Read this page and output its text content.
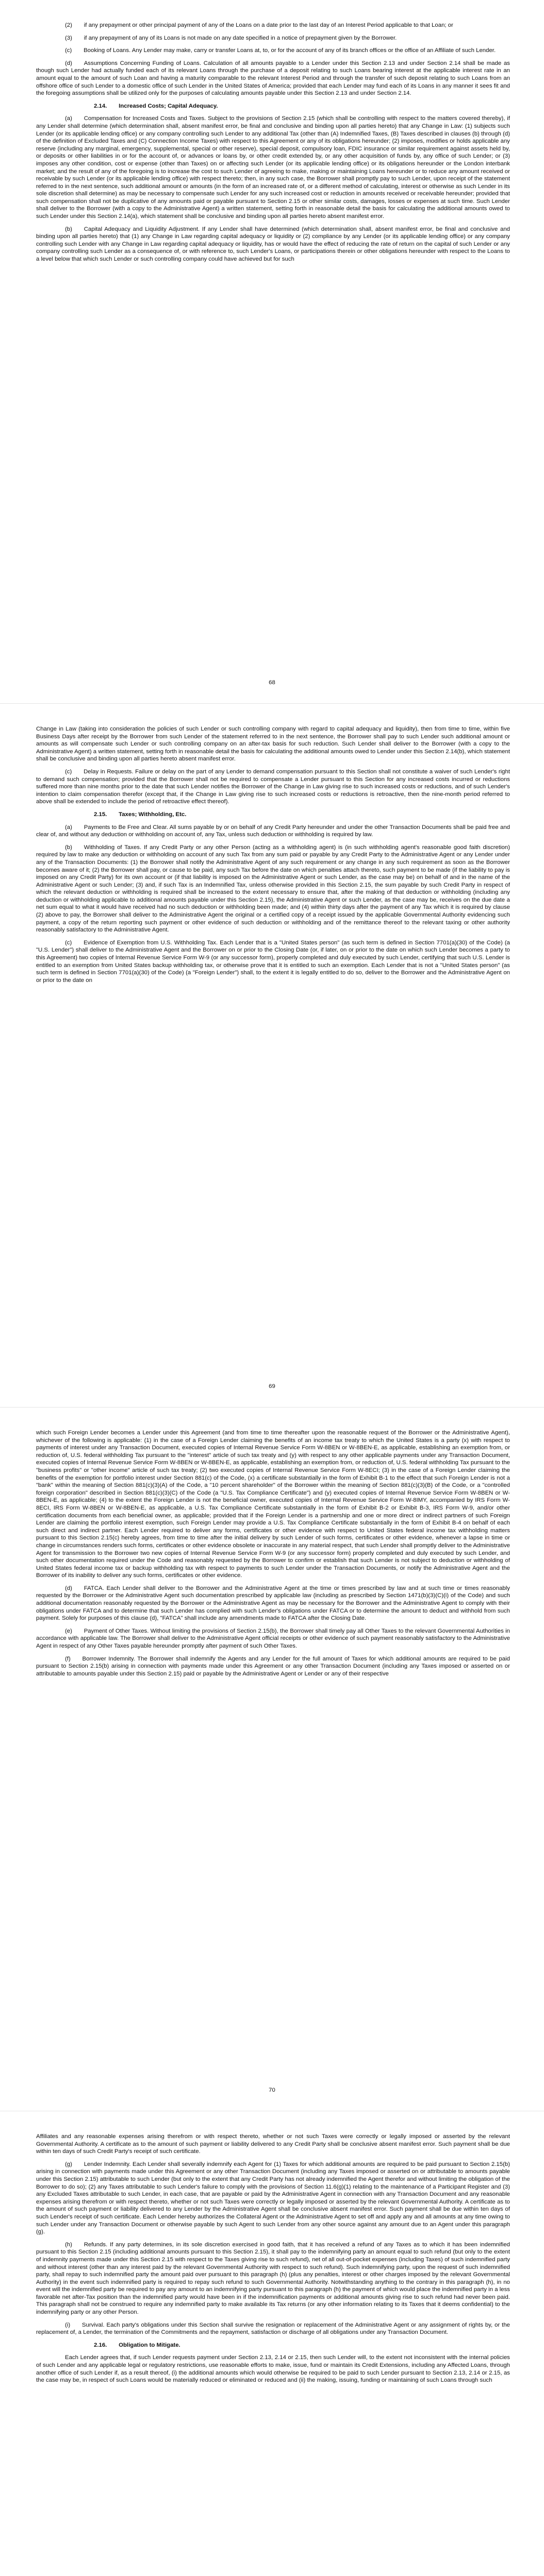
(2)  if any prepayment or other principal payment of any of the Loans on a date prior to the last day of an Interest Period applicable to that Loan; or

(3)  if any prepayment of any of its Loans is not made on any date specified in a notice of prepayment given by the Borrower.

(c)  Booking of Loans. Any Lender may make, carry or transfer Loans at, to, or for the account of any of its branch offices or the office of an Affiliate of such Lender.

(d)  Assumptions Concerning Funding of Loans. Calculation of all amounts payable to a Lender under this Section 2.13 and under Section 2.14 shall be made as though such Lender had actually funded each of its relevant Loans through the purchase of a deposit relating to such Loans bearing interest at the applicable interest rate in an amount equal to the amount of such Loan and having a maturity comparable to the relevant Interest Period and through the transfer of such deposit relating to such Loans from an offshore office of such Lender to a domestic office of such Lender in the United States of America; provided that each Lender may fund each of its Loans in any manner it sees fit and the foregoing assumptions shall be utilized only for the purposes of calculating amounts payable under this Section 2.13 and under Section 2.14.

2.14.  Increased Costs; Capital Adequacy.

(a)  Compensation for Increased Costs and Taxes. Subject to the provisions of Section 2.15 (which shall be controlling with respect to the matters covered thereby), if any Lender shall determine (which determination shall, absent manifest error, be final and conclusive and binding upon all parties hereto) that any Change in Law: (1) subjects such Lender (or its applicable lending office) or any company controlling such Lender to any additional Tax (other than (A) Indemnified Taxes, (B) Taxes described in clauses (b) through (d) of the definition of Excluded Taxes and (C) Connection Income Taxes) with respect to this Agreement or any of its obligations hereunder; (2) imposes, modifies or holds applicable any reserve (including any marginal, emergency, supplemental, special or other reserve), special deposit, compulsory loan, FDIC insurance or similar requirement against assets held by, or deposits or other liabilities in or for the account of, or advances or loans by, or other credit extended by, or any other acquisition of funds by, any office of such Lender; or (3) imposes any other condition, cost or expense (other than Taxes) on or affecting such Lender (or its applicable lending office) or its obligations hereunder or the London interbank market; and the result of any of the foregoing is to increase the cost to such Lender of agreeing to make, making or maintaining Loans hereunder or to reduce any amount received or receivable by such Lender (or its applicable lending office) with respect thereto; then, in any such case, the Borrower shall promptly pay to such Lender, upon receipt of the statement referred to in the next sentence, such additional amount or amounts (in the form of an increased rate of, or a different method of calculating, interest or otherwise as such Lender in its sole discretion shall determine) as may be necessary to compensate such Lender for any such increased cost or reduction in amounts received or receivable hereunder; provided that such compensation shall not be duplicative of any amounts paid or payable pursuant to Section 2.15 or other similar costs, damages, losses or expenses at such time. Such Lender shall deliver to the Borrower (with a copy to the Administrative Agent) a written statement, setting forth in reasonable detail the basis for calculating the additional amounts owed to such Lender under this Section 2.14(a), which statement shall be conclusive and binding upon all parties hereto absent manifest error.

(b)  Capital Adequacy and Liquidity Adjustment. If any Lender shall have determined (which determination shall, absent manifest error, be final and conclusive and binding upon all parties hereto) that (1) any Change in Law regarding capital adequacy or liquidity or (2) compliance by any Lender (or its applicable lending office) or any company controlling such Lender with any Change in Law regarding capital adequacy or liquidity, has or would have the effect of reducing the rate of return on the capital of such Lender or any company controlling such Lender as a consequence of, or with reference to, such Lender's Loans, or participations therein or other obligations hereunder with respect to the Loans to a level below that which such Lender or such controlling company could have achieved but for such

68

Change in Law (taking into consideration the policies of such Lender or such controlling company with regard to capital adequacy and liquidity), then from time to time, within five Business Days after receipt by the Borrower from such Lender of the statement referred to in the next sentence, the Borrower shall pay to such Lender such additional amount or amounts as will compensate such Lender or such controlling company on an after-tax basis for such reduction. Such Lender shall deliver to the Borrower (with a copy to the Administrative Agent) a written statement, setting forth in reasonable detail the basis for calculating the additional amounts owed to Lender under this Section 2.14(b), which statement shall be conclusive and binding upon all parties hereto absent manifest error.

(c)  Delay in Requests. Failure or delay on the part of any Lender to demand compensation pursuant to this Section shall not constitute a waiver of such Lender's right to demand such compensation; provided that the Borrower shall not be required to compensate a Lender pursuant to this Section for any increased costs incurred or reductions suffered more than nine months prior to the date that such Lender notifies the Borrower of the Change in Law giving rise to such increased costs or reductions, and of such Lender's intention to claim compensation therefor (except that, if the Change in Law giving rise to such increased costs or reductions is retroactive, then the nine-month period referred to above shall be extended to include the period of retroactive effect thereof).

2.15.  Taxes; Withholding, Etc.

(a)  Payments to Be Free and Clear. All sums payable by or on behalf of any Credit Party hereunder and under the other Transaction Documents shall be paid free and clear of, and without any deduction or withholding on account of, any Tax, unless such deduction or withholding is required by law.

(b)  Withholding of Taxes. If any Credit Party or any other Person (acting as a withholding agent) is (in such withholding agent's reasonable good faith discretion) required by law to make any deduction or withholding on account of any such Tax from any sum paid or payable by any Credit Party to the Administrative Agent or any Lender under any of the Transaction Documents: (1) the Borrower shall notify the Administrative Agent of any such requirement or any change in any such requirement as soon as the Borrower becomes aware of it; (2) the Borrower shall pay, or cause to be paid, any such Tax before the date on which penalties attach thereto, such payment to be made (if the liability to pay is imposed on any Credit Party) for its own account or (if that liability is imposed on the Administrative Agent or such Lender, as the case may be) on behalf of and in the name of the Administrative Agent or such Lender; (3) and, if such Tax is an Indemnified Tax, unless otherwise provided in this Section 2.15, the sum payable by such Credit Party in respect of which the relevant deduction or withholding is required shall be increased to the extent necessary to ensure that, after the making of that deduction or withholding (including any deduction or withholding applicable to additional amounts payable under this Section 2.15), the Administrative Agent or such Lender, as the case may be, receives on the due date a net sum equal to what it would have received had no such deduction or withholding been made; and (4) within thirty days after the payment of any Tax which it is required by clause (2) above to pay, the Borrower shall deliver to the Administrative Agent the original or a certified copy of a receipt issued by the applicable Governmental Authority evidencing such payment, a copy of the return reporting such payment or other evidence of such deduction or withholding and of the remittance thereof to the relevant taxing or other authority reasonably satisfactory to the Administrative Agent.

(c)  Evidence of Exemption from U.S. Withholding Tax. Each Lender that is a "United States person" (as such term is defined in Section 7701(a)(30) of the Code) (a "U.S. Lender") shall deliver to the Administrative Agent and the Borrower on or prior to the Closing Date (or, if later, on or prior to the date on which such Lender becomes a party to this Agreement) two copies of Internal Revenue Service Form W-9 (or any successor form), properly completed and duly executed by such Lender, certifying that such U.S. Lender is entitled to an exemption from United States backup withholding tax, or otherwise prove that it is entitled to such an exemption. Each Lender that is not a "United States person" (as such term is defined in Section 7701(a)(30) of the Code) (a "Foreign Lender") shall, to the extent it is legally entitled to do so, deliver to the Borrower and the Administrative Agent on or prior to the date on

69

which such Foreign Lender becomes a Lender under this Agreement (and from time to time thereafter upon the reasonable request of the Borrower or the Administrative Agent), whichever of the following is applicable: (1) in the case of a Foreign Lender claiming the benefits of an income tax treaty to which the United States is a party (x) with respect to payments of interest under any Transaction Document, executed copies of Internal Revenue Service Form W-8BEN or W-8BEN-E, as applicable, establishing an exemption from, or reduction of, U.S. federal withholding Tax pursuant to the "interest" article of such tax treaty and (y) with respect to any other applicable payments under any Transaction Document, executed copies of Internal Revenue Service Form W-8BEN or W-8BEN-E, as applicable, establishing an exemption from, or reduction of, U.S. federal withholding Tax pursuant to the "business profits" or "other income" article of such tax treaty; (2) two executed copies of Internal Revenue Service Form W-8ECI; (3) in the case of a Foreign Lender claiming the benefits of the exemption for portfolio interest under Section 881(c) of the Code, (x) a certificate substantially in the form of Exhibit B-1 to the effect that such Foreign Lender is not a "bank" within the meaning of Section 881(c)(3)(A) of the Code, a "10 percent shareholder" of the Borrower within the meaning of Section 881(c)(3)(B) of the Code, or a "controlled foreign corporation" described in Section 881(c)(3)(C) of the Code (a "U.S. Tax Compliance Certificate") and (y) executed copies of Internal Revenue Service Form W-8BEN or W-8BEN-E, as applicable; (4) to the extent the Foreign Lender is not the beneficial owner, executed copies of Internal Revenue Service Form W-8IMY, accompanied by IRS Form W-8ECI, IRS Form W-8BEN or W-8BEN-E, as applicable, a U.S. Tax Compliance Certificate substantially in the form of Exhibit B-2 or Exhibit B-3, IRS Form W-9, and/or other certification documents from each beneficial owner, as applicable; provided that if the Foreign Lender is a partnership and one or more direct or indirect partners of such Foreign Lender are claiming the portfolio interest exemption, such Foreign Lender may provide a U.S. Tax Compliance Certificate substantially in the form of Exhibit B-4 on behalf of each such direct and indirect partner. Each Lender required to deliver any forms, certificates or other evidence with respect to United States federal income tax withholding matters pursuant to this Section 2.15(c) hereby agrees, from time to time after the initial delivery by such Lender of such forms, certificates or other evidence, whenever a lapse in time or change in circumstances renders such forms, certificates or other evidence obsolete or inaccurate in any material respect, that such Lender shall promptly deliver to the Administrative Agent for transmission to the Borrower two new copies of Internal Revenue Service Form W-9 (or any successor form) properly completed and duly executed by such Lender, and such other documentation required under the Code and reasonably requested by the Borrower to confirm or establish that such Lender is not subject to deduction or withholding of United States federal income tax or backup withholding tax with respect to payments to such Lender under the Transaction Documents, or notify the Administrative Agent and the Borrower of its inability to deliver any such forms, certificates or other evidence.

(d)  FATCA. Each Lender shall deliver to the Borrower and the Administrative Agent at the time or times prescribed by law and at such time or times reasonably requested by the Borrower or the Administrative Agent such documentation prescribed by applicable law (including as prescribed by Section 1471(b)(3)(C)(i) of the Code) and such additional documentation reasonably requested by the Borrower or the Administrative Agent as may be necessary for the Borrower and the Administrative Agent to comply with their obligations under FATCA and to determine that such Lender has complied with such Lender's obligations under FATCA or to determine the amount to deduct and withhold from such payment. Solely for purposes of this clause (d), "FATCA" shall include any amendments made to FATCA after the Closing Date.

(e)  Payment of Other Taxes. Without limiting the provisions of Section 2.15(b), the Borrower shall timely pay all Other Taxes to the relevant Governmental Authorities in accordance with applicable law. The Borrower shall deliver to the Administrative Agent official receipts or other evidence of such payment reasonably satisfactory to the Administrative Agent in respect of any Other Taxes payable hereunder promptly after payment of such Other Taxes.

(f)  Borrower Indemnity. The Borrower shall indemnify the Agents and any Lender for the full amount of Taxes for which additional amounts are required to be paid pursuant to Section 2.15(b) arising in connection with payments made under this Agreement or any other Transaction Document (including any Taxes imposed or asserted on or attributable to amounts payable under this Section 2.15) paid or payable by the Administrative Agent or Lender or any of their respective

70

Affiliates and any reasonable expenses arising therefrom or with respect thereto, whether or not such Taxes were correctly or legally imposed or asserted by the relevant Governmental Authority. A certificate as to the amount of such payment or liability delivered to any Credit Party shall be conclusive absent manifest error. Such payment shall be due within ten days of such Credit Party's receipt of such certificate.

(g)  Lender Indemnity. Each Lender shall severally indemnify each Agent for (1) Taxes for which additional amounts are required to be paid pursuant to Section 2.15(b) arising in connection with payments made under this Agreement or any other Transaction Document (including any Taxes imposed or asserted on or attributable to amounts payable under this Section 2.15) attributable to such Lender (but only to the extent that any Credit Party has not already indemnified the Agent therefor and without limiting the obligation of the Borrower to do so); (2) any Taxes attributable to such Lender's failure to comply with the provisions of Section 11.6(g)(1) relating to the maintenance of a Participant Register and (3) any Excluded Taxes attributable to such Lender, in each case, that are payable or paid by the Administrative Agent in connection with any Transaction Document and any reasonable expenses arising therefrom or with respect thereto, whether or not such Taxes were correctly or legally imposed or asserted by the relevant Governmental Authority. A certificate as to the amount of such payment or liability delivered to any Lender by the Administrative Agent shall be conclusive absent manifest error. Such payment shall be due within ten days of such Lender's receipt of such certificate. Each Lender hereby authorizes the Collateral Agent or the Administrative Agent to set off and apply any and all amounts at any time owing to such Lender under any Transaction Document or otherwise payable by such Agent to such Lender from any other source against any amount due to an Agent under this paragraph (g).

(h)  Refunds. If any party determines, in its sole discretion exercised in good faith, that it has received a refund of any Taxes as to which it has been indemnified pursuant to this Section 2.15 (including additional amounts pursuant to this Section 2.15), it shall pay to the indemnifying party an amount equal to such refund (but only to the extent of indemnity payments made under this Section 2.15 with respect to the Taxes giving rise to such refund), net of all out-of-pocket expenses (including Taxes) of such indemnified party and without interest (other than any interest paid by the relevant Governmental Authority with respect to such refund). Such indemnifying party, upon the request of such indemnified party, shall repay to such indemnified party the amount paid over pursuant to this paragraph (h) (plus any penalties, interest or other charges imposed by the relevant Governmental Authority) in the event such indemnified party is required to repay such refund to such Governmental Authority. Notwithstanding anything to the contrary in this paragraph (h), in no event will the indemnified party be required to pay any amount to an indemnifying party pursuant to this paragraph (h) the payment of which would place the indemnified party in a less favorable net after-Tax position than the indemnified party would have been in if the indemnification payments or additional amounts giving rise to such refund had never been paid. This paragraph shall not be construed to require any indemnified party to make available its Tax returns (or any other information relating to its Taxes that it deems confidential) to the indemnifying party or any other Person.

(i)  Survival. Each party's obligations under this Section shall survive the resignation or replacement of the Administrative Agent or any assignment of rights by, or the replacement of, a Lender, the termination of the Commitments and the repayment, satisfaction or discharge of all obligations under any Transaction Document.

2.16.  Obligation to Mitigate.

Each Lender agrees that, if such Lender requests payment under Section 2.13, 2.14 or 2.15, then such Lender will, to the extent not inconsistent with the internal policies of such Lender and any applicable legal or regulatory restrictions, use reasonable efforts to make, issue, fund or maintain its Credit Extensions, including any Affected Loans, through another office of such Lender if, as a result thereof, (i) the additional amounts which would otherwise be required to be paid to such Lender pursuant to Section 2.13, 2.14 or 2.15, as the case may be, in respect of such Loans would be materially reduced or eliminated or reduced and (ii) the making, issuing, funding or maintaining of such Loans through such
